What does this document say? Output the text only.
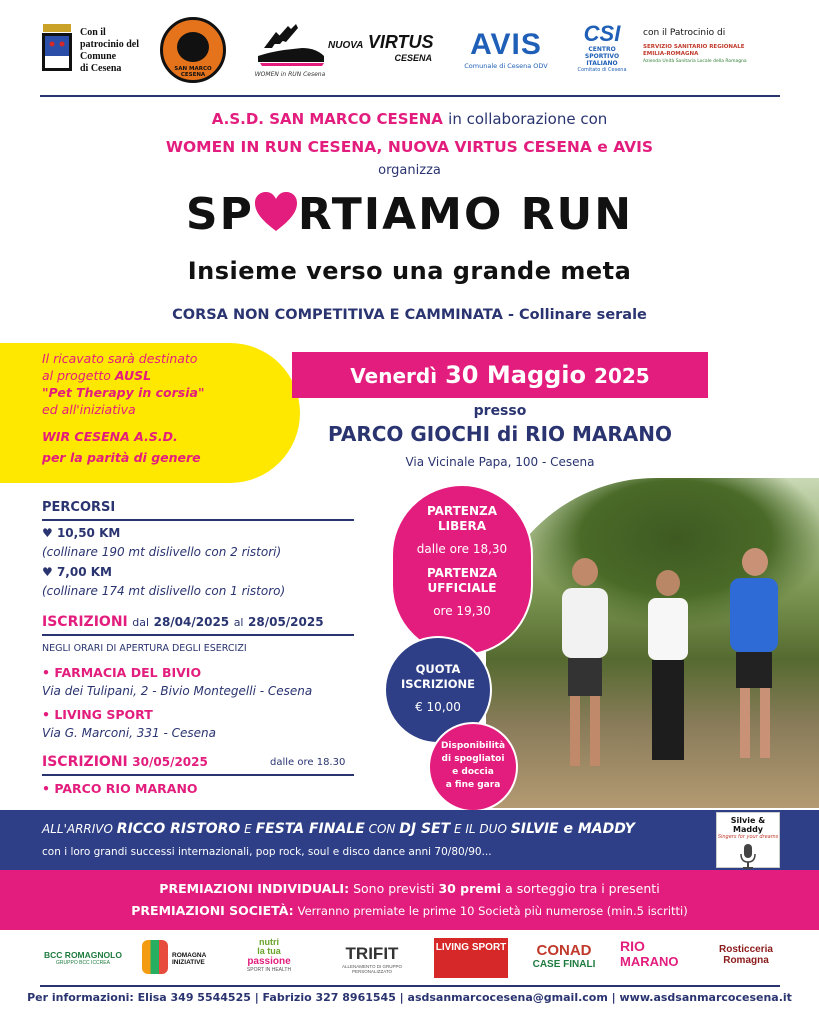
Con il
patrocinio del
Comune
di Cesena	SAN MARCO CESENA	WOMEN in RUN Cesena
NUOVA VIRTUS
CESENA	AVIS
Comunale di Cesena ODV
CSI
CENTRO
SPORTIVO
ITALIANO
Comitato di Cesena
con il Patrocinio di
SERVIZIO SANITARIO REGIONALE
EMILIA-ROMAGNA
Azienda Unità Sanitaria Locale della Romagna
A.S.D. SAN MARCO CESENA in collaborazione con
WOMEN IN RUN CESENA, NUOVA VIRTUS CESENA e AVIS
organizza
SP RTIAMO RUN
Insieme verso una grande meta
CORSA NON COMPETITIVA E CAMMINATA - Collinare serale
Il ricavato sarà destinato
al progetto AUSL
"Pet Therapy in corsia"
ed all'iniziativa
WIR CESENA A.S.D.
per la parità di genere
Venerdì 30 Maggio 2025
presso
PARCO GIOCHI di RIO MARANO
Via Vicinale Papa, 100 - Cesena
PERCORSI
♥ 10,50 KM
(collinare 190 mt dislivello con 2 ristori)
♥ 7,00 KM
(collinare 174 mt dislivello con 1 ristoro)
ISCRIZIONI dal 28/04/2025 al 28/05/2025
NEGLI ORARI DI APERTURA DEGLI ESERCIZI
• FARMACIA DEL BIVIO
Via dei Tulipani, 2 - Bivio Montegelli - Cesena
• LIVING SPORT
Via G. Marconi, 331 - Cesena
ISCRIZIONI 30/05/2025	dalle ore 18.30
• PARCO RIO MARANO
PARTENZA
LIBERA
dalle ore 18,30
PARTENZA
UFFICIALE
ore 19,30
QUOTA
ISCRIZIONE
€ 10,00
Disponibilità
di spogliatoi
e doccia
a fine gara
ALL'ARRIVO RICCO RISTORO E FESTA FINALE CON DJ SET E IL DUO SILVIE e MADDY
con i loro grandi successi internazionali, pop rock, soul e disco dance anni 70/80/90...
Silvie & Maddy
Singers for your dreams
PREMIAZIONI INDIVIDUALI: Sono previsti 30 premi a sorteggio tra i presenti
PREMIAZIONI SOCIETÀ: Verranno premiate le prime 10 Società più numerose (min.5 iscritti)
BCC ROMAGNOLO
GRUPPO BCC ICCREA
ROMAGNA INIZIATIVE
nutri
la tua
passione
SPORT IN HEALTH
TRIFIT
ALLENAMENTO DI GRUPPO PERSONALIZZATO
LIVING SPORT	CONAD
CASE FINALI
RIO
MARANO
Rosticceria
Romagna
Per informazioni: Elisa 349 5544525 | Fabrizio 327 8961545 | asdsanmarcocesena@gmail.com | www.asdsanmarcocesena.it
